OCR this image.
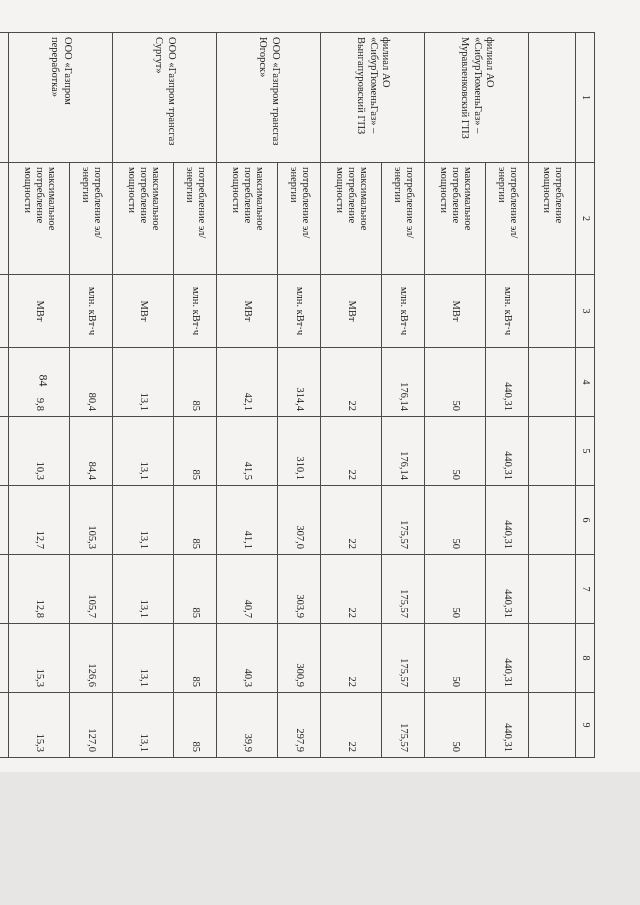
84
1	2	3	4	5	6	7	8	9
	потребление мощности							
филиал АО «СибурТюменьГаз» – Муравленковский ГПЗ	потребление эл/энергии	млн. кВт·ч	440,31	440,31	440,31	440,31	440,31	440,31
	максимальное потребление мощности	МВт	50	50	50	50	50	50
филиал АО «СибурТюменьГаз» – Вынгапуровский ГПЗ	потребление эл/энергии	млн. кВт·ч	176,14	176,14	175,57	175,57	175,57	175,57
	максимальное потребление мощности	МВт	22	22	22	22	22	22
ООО «Газпром трансгаз Югорск»	потребление эл/энергии	млн. кВт·ч	314,4	310,1	307,0	303,9	300,9	297,9
	максимальное потребление мощности	МВт	42,1	41,5	41,1	40,7	40,3	39,9
ООО «Газпром трансгаз Сургут»	потребление эл/энергии	млн. кВт·ч	85	85	85	85	85	85
	максимальное потребление мощности	МВт	13,1	13,1	13,1	13,1	13,1	13,1
ООО «Газпром переработка»	потребление эл/энергии	млн. кВт·ч	80,4	84,4	105,3	105,7	126,6	127,0
	максимальное потребление мощности	МВт	9,8	10,3	12,7	12,8	15,3	15,3
